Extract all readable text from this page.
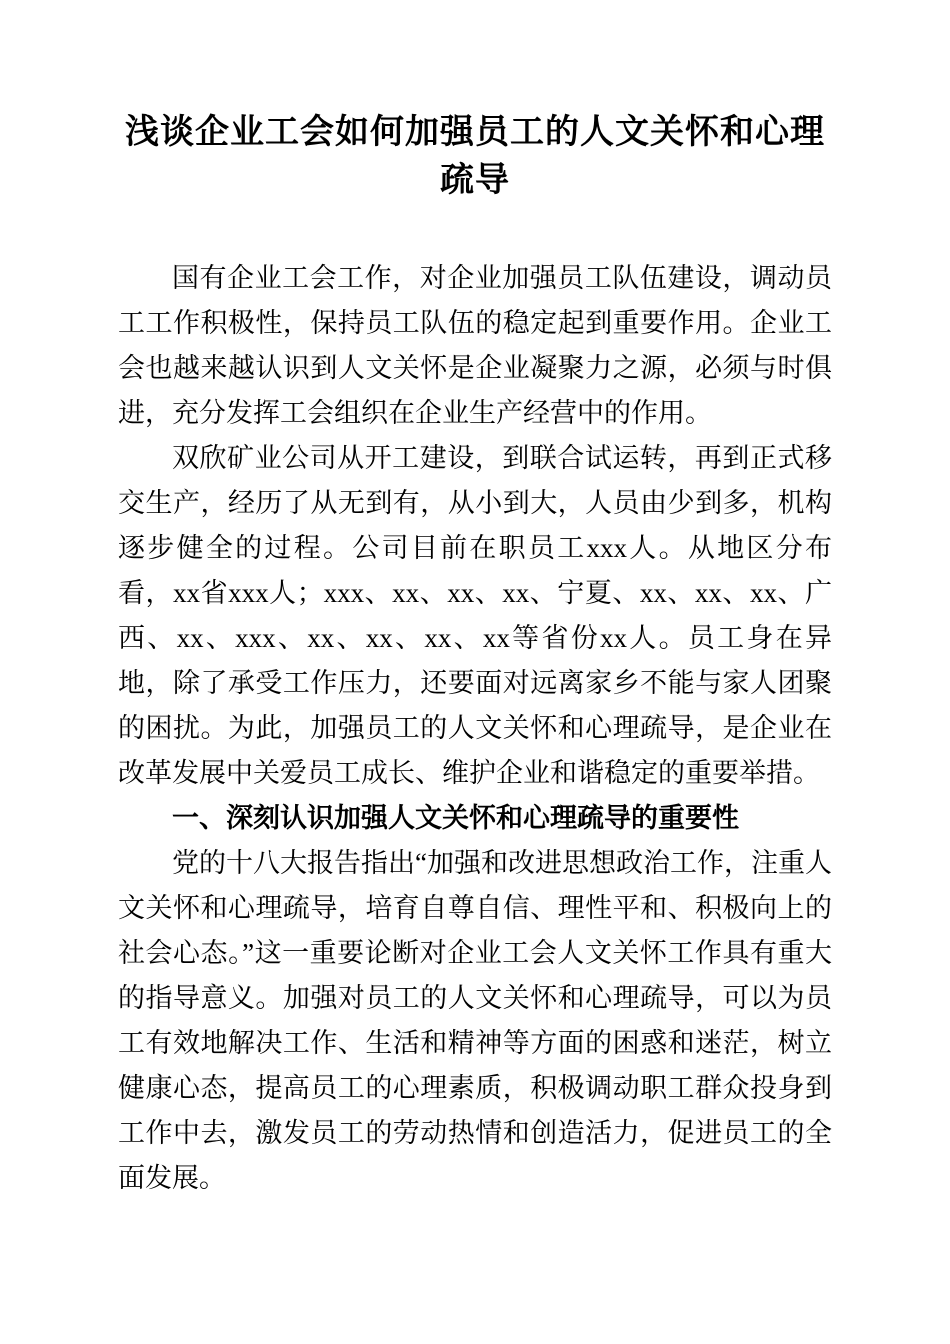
浅谈企业工会如何加强员工的人文关怀和心理疏导

国有企业工会工作，对企业加强员工队伍建设，调动员工工作积极性，保持员工队伍的稳定起到重要作用。企业工会也越来越认识到人文关怀是企业凝聚力之源，必须与时俱进，充分发挥工会组织在企业生产经营中的作用。

双欣矿业公司从开工建设，到联合试运转，再到正式移交生产，经历了从无到有，从小到大，人员由少到多，机构逐步健全的过程。公司目前在职员工xxx人。从地区分布看，xx省xxx人；xxx、xx、xx、xx、宁夏、xx、xx、xx、广西、xx、xxx、xx、xx、xx、xx等省份xx人。员工身在异地，除了承受工作压力，还要面对远离家乡不能与家人团聚的困扰。为此，加强员工的人文关怀和心理疏导，是企业在改革发展中关爱员工成长、维护企业和谐稳定的重要举措。

一、深刻认识加强人文关怀和心理疏导的重要性

党的十八大报告指出“加强和改进思想政治工作，注重人文关怀和心理疏导，培育自尊自信、理性平和、积极向上的社会心态。”这一重要论断对企业工会人文关怀工作具有重大的指导意义。加强对员工的人文关怀和心理疏导，可以为员工有效地解决工作、生活和精神等方面的困惑和迷茫，树立健康心态，提高员工的心理素质，积极调动职工群众投身到工作中去，激发员工的劳动热情和创造活力，促进员工的全面发展。
